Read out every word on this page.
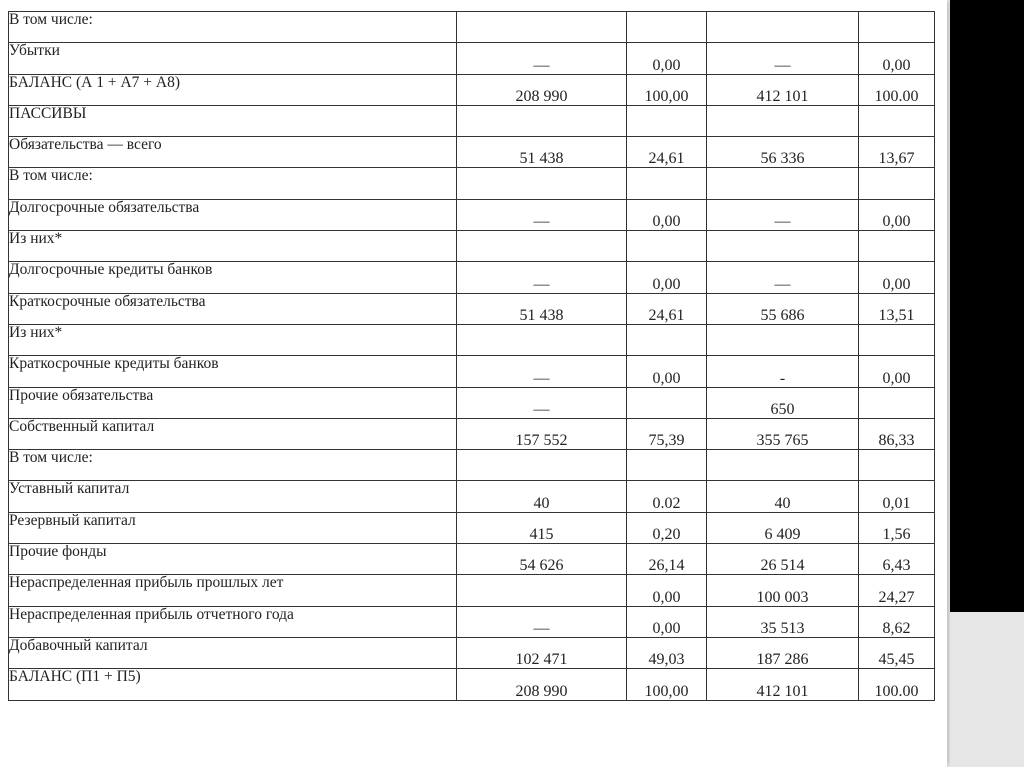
В том числе:				
Убытки	—	0,00	—	0,00
БАЛАНС (А 1 + А7 + А8)	208 990	100,00	412 101	100.00
ПАССИВЫ				
Обязательства — всего	51 438	24,61	56 336	13,67
В том числе:				
Долгосрочные обязательства	—	0,00	—	0,00
Из них*				
Долгосрочные кредиты банков	—	0,00	—	0,00
Краткосрочные обязательства	51 438	24,61	55 686	13,51
Из них*				
Краткосрочные кредиты банков	—	0,00	-	0,00
Прочие обязательства	—		650	
Собственный капитал	157 552	75,39	355 765	86,33
В том числе:				
Уставный капитал	40	0.02	40	0,01
Резервный капитал	415	0,20	6 409	1,56
Прочие фонды	54 626	26,14	26 514	6,43
Нераспределенная прибыль прошлых лет		0,00	100 003	24,27
Нераспределенная прибыль отчетного года	—	0,00	35 513	8,62
Добавочный капитал	102 471	49,03	187 286	45,45
БАЛАНС (П1 + П5)	208 990	100,00	412 101	100.00
